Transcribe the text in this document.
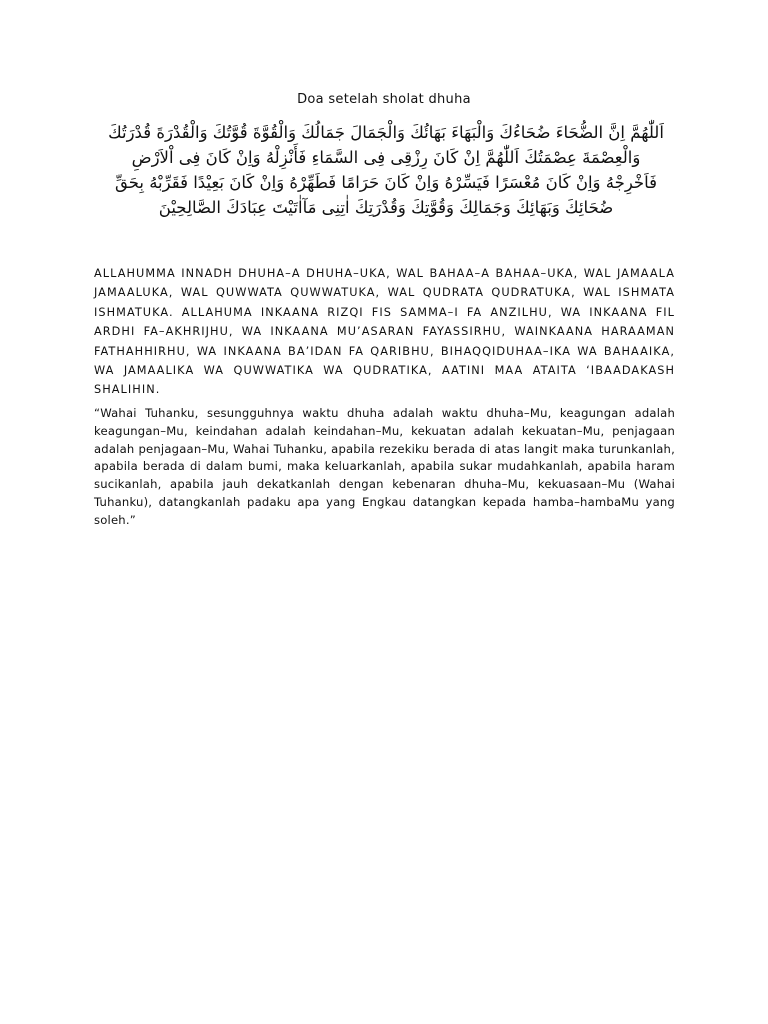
Doa setelah sholat dhuha
اَللّٰهُمَّ اِنَّ الضُّحَاءَ ضُحَاءُكَ وَالْبَهَاءَ بَهَائُكَ وَالْجَمَالَ جَمَالُكَ وَالْقُوَّةَ قُوَّتُكَ وَالْقُدْرَةَ قُدْرَتُكَ
وَالْعِصْمَةَ عِصْمَتُكَ اَللّٰهُمَّ اِنْ كَانَ رِزْقِى فِى السَّمَاءِ فَأَنْزِلْهُ وَاِنْ كَانَ فِى اْلاَرْضِ
فَاَخْرِجْهُ وَاِنْ كَانَ مُعْسَرًا فَيَسِّرْهُ وَاِنْ كَانَ حَرَامًا فَطَهِّرْهُ وَاِنْ كَانَ بَعِيْدًا فَقَرِّبْهُ بِحَقِّ
ضُحَائِكَ وَبَهَائِكَ وَجَمَالِكَ وَقُوَّتِكَ وَقُدْرَتِكَ اٰتِنِى مَآاٰتَيْتَ عِبَادَكَ الصَّالِحِيْنَ

ALLAHUMMA INNADH DHUHA–A DHUHA–UKA, WAL BAHAA–A BAHAA–UKA, WAL JAMAALA JAMAALUKA, WAL QUWWATA QUWWATUKA, WAL QUDRATA QUDRATUKA, WAL ISHMATA ISHMATUKA. ALLAHUMA INKAANA RIZQI FIS SAMMA–I FA ANZILHU, WA INKAANA FIL ARDHI FA–AKHRIJHU, WA INKAANA MU’ASARAN FAYASSIRHU, WAINKAANA HARAAMAN FATHAHHIRHU, WA INKAANA BA’IDAN FA QARIBHU, BIHAQQIDUHAA–IKA WA BAHAAIKA, WA JAMAALIKA WA QUWWATIKA WA QUDRATIKA, AATINI MAA ATAITA ‘IBAADAKASH SHALIHIN.

“Wahai Tuhanku, sesungguhnya waktu dhuha adalah waktu dhuha–Mu, keagungan adalah keagungan–Mu, keindahan adalah keindahan–Mu, kekuatan adalah kekuatan–Mu, penjagaan adalah penjagaan–Mu, Wahai Tuhanku, apabila rezekiku berada di atas langit maka turunkanlah, apabila berada di dalam bumi, maka keluarkanlah, apabila sukar mudahkanlah, apabila haram sucikanlah, apabila jauh dekatkanlah dengan kebenaran dhuha–Mu, kekuasaan–Mu (Wahai Tuhanku), datangkanlah padaku apa yang Engkau datangkan kepada hamba–hambaMu yang soleh.”
